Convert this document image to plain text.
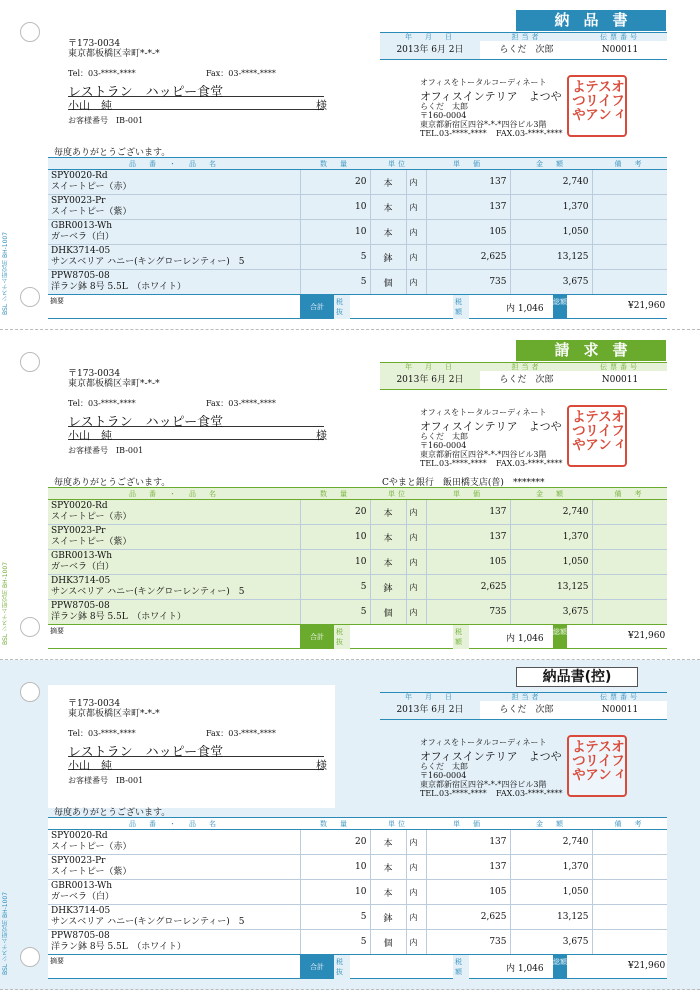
BSL システム研究所 BH-1007
納品書
年　月　日	担当者	伝票番号
2013年 6月 2日	らくだ　次郎	N00011
〒173-0034
東京都板橋区幸町*-*-*
Tel：03-****-****	Fax：03-****-****
レストラン　ハッピー食堂
小山　純	様
お客様番号　 IB-001
オフィスをトータルコーディネート
オフィスインテリア　よつや
らくだ　太郎
〒160-0004
東京都新宿区四谷*-*-*四谷ビル3階
TEL.03-****-**** FAX.03-****-****
オフィスインテリアよつや
毎度ありがとうございます。
品　番　・　品　名	数　量	単位		単　価	金　額	備　考
SPY0020-Rd
スイートピー（赤）	20	本	内	137	2,740	
SPY0023-Pr
スイートピー（紫）	10	本	内	137	1,370	
GBR0013-Wh
ガーベラ（白）	10	本	内	105	1,050	
DHK3714-05
サンスベリア ハニー(キングローレンティー)　5	5	鉢	内	2,625	13,125	
PPW8705-08
洋ラン鉢 8号 5.5L　（ホワイト）	5	個	内	735	3,675	
摘要
合計
税抜
税額	内 1,046
総額	¥21,960
BSL システム研究所 BH-1007
請求書
年　月　日	担当者	伝票番号
2013年 6月 2日	らくだ　次郎	N00011
〒173-0034
東京都板橋区幸町*-*-*
Tel：03-****-****	Fax：03-****-****
レストラン　ハッピー食堂
小山　純	様
お客様番号　 IB-001
オフィスをトータルコーディネート
オフィスインテリア　よつや
らくだ　太郎
〒160-0004
東京都新宿区四谷*-*-*四谷ビル3階
TEL.03-****-**** FAX.03-****-****
オフィスインテリアよつや
毎度ありがとうございます。	Cやまと銀行　飯田橋支店(普)　 *******
品　番　・　品　名	数　量	単位		単　価	金　額	備　考
SPY0020-Rd
スイートピー（赤）	20	本	内	137	2,740	
SPY0023-Pr
スイートピー（紫）	10	本	内	137	1,370	
GBR0013-Wh
ガーベラ（白）	10	本	内	105	1,050	
DHK3714-05
サンスベリア ハニー(キングローレンティー)　5	5	鉢	内	2,625	13,125	
PPW8705-08
洋ラン鉢 8号 5.5L　（ホワイト）	5	個	内	735	3,675	
摘要
合計
税抜
税額	内 1,046
総額	¥21,960
BSL システム研究所 BH-1007
納品書(控)
年　月　日	担当者	伝票番号
2013年 6月 2日	らくだ　次郎	N00011
〒173-0034
東京都板橋区幸町*-*-*
Tel：03-****-****	Fax：03-****-****
レストラン　ハッピー食堂
小山　純	様
お客様番号　 IB-001
オフィスをトータルコーディネート
オフィスインテリア　よつや
らくだ　太郎
〒160-0004
東京都新宿区四谷*-*-*四谷ビル3階
TEL.03-****-**** FAX.03-****-****
オフィスインテリアよつや
毎度ありがとうございます。
品　番　・　品　名	数　量	単位		単　価	金　額	備　考
SPY0020-Rd
スイートピー（赤）	20	本	内	137	2,740	
SPY0023-Pr
スイートピー（紫）	10	本	内	137	1,370	
GBR0013-Wh
ガーベラ（白）	10	本	内	105	1,050	
DHK3714-05
サンスベリア ハニー(キングローレンティー)　5	5	鉢	内	2,625	13,125	
PPW8705-08
洋ラン鉢 8号 5.5L　（ホワイト）	5	個	内	735	3,675	
摘要
合計
税抜
税額	内 1,046
総額	¥21,960
